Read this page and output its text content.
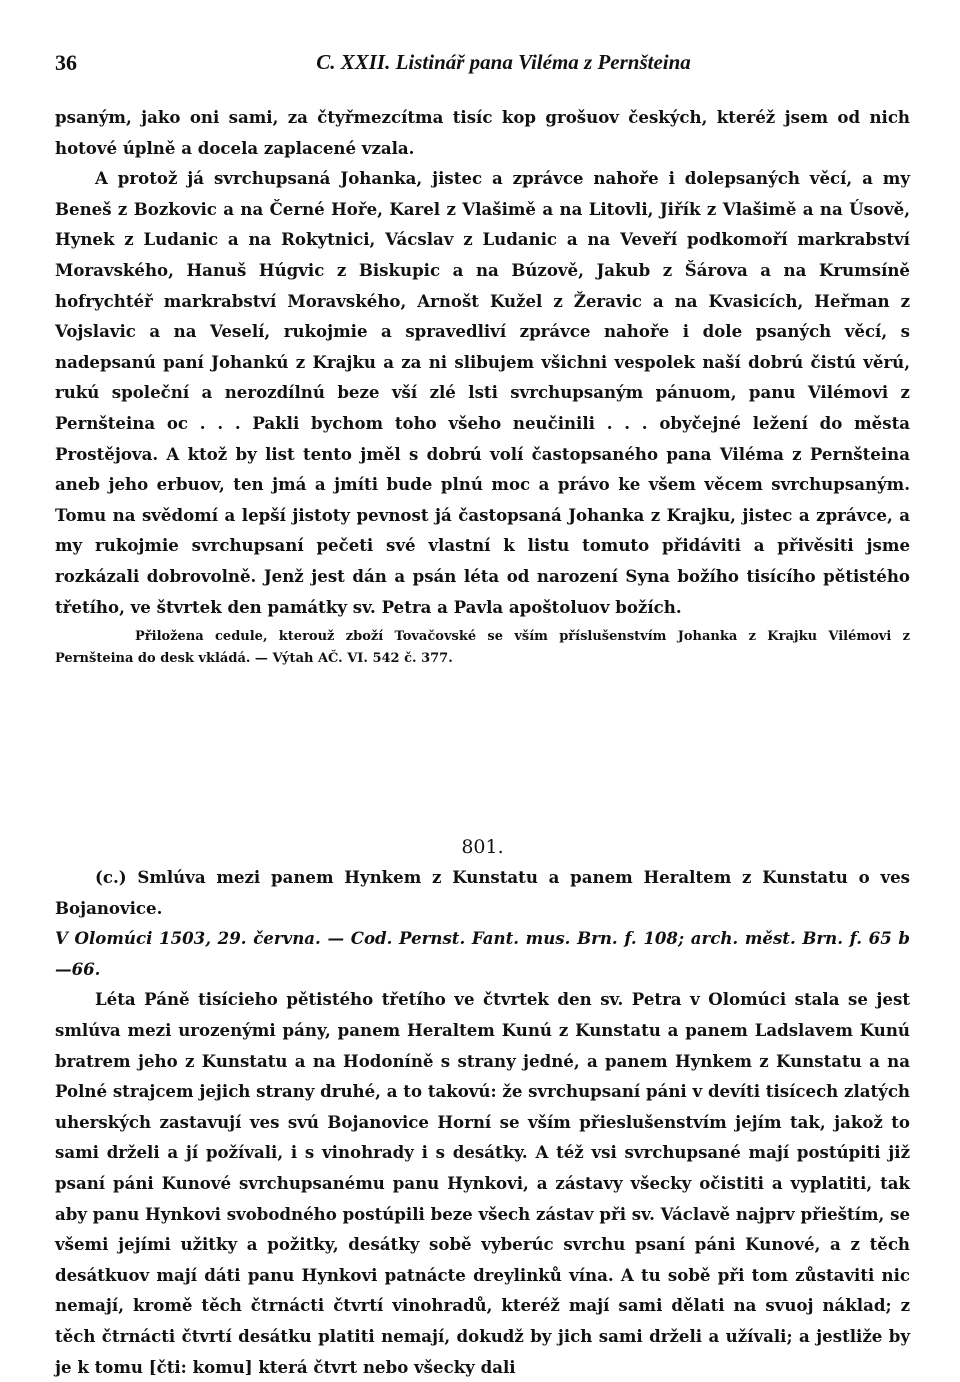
36	C. XXII. Listinář pana Viléma z Pernšteina

psaným, jako oni sami, za čtyřmezcítma tisíc kop grošuov českých, kteréž jsem od nich hotové úplně a docela zaplacené vzala.

A protož já svrchupsaná Johanka, jistec a zprávce nahoře i dolepsaných věcí, a my Beneš z Bozkovic a na Černé Hoře, Karel z Vlašimě a na Litovli, Jiřík z Vlašimě a na Úsově, Hynek z Ludanic a na Rokytnici, Vácslav z Ludanic a na Veveří podkomoří markrabství Moravského, Hanuš Húgvic z Biskupic a na Búzově, Jakub z Šárova a na Krumsíně hofrychtéř markrabství Moravského, Arnošt Kužel z Žeravic a na Kvasicích, Heřman z Vojslavic a na Veselí, rukojmie a spravedliví zprávce nahoře i dole psaných věcí, s nadepsanú paní Johankú z Krajku a za ni slibujem všichni vespolek naší dobrú čistú věrú, rukú společní a nerozdílnú beze vší zlé lsti svrchupsaným pánuom, panu Vilémovi z Pernšteina oc . . . Pakli bychom toho všeho neučinili . . . obyčejné ležení do města Prostějova. A ktož by list tento jměl s dobrú volí častopsaného pana Viléma z Pernšteina aneb jeho erbuov, ten jmá a jmíti bude plnú moc a právo ke všem věcem svrchupsaným. Tomu na svědomí a lepší jistoty pevnost já častopsaná Johanka z Krajku, jistec a zprávce, a my rukojmie svrchupsaní pečeti své vlastní k listu tomuto přidáviti a přivěsiti jsme rozkázali dobrovolně. Jenž jest dán a psán léta od narození Syna božího tisícího pětistého třetího, ve štvrtek den památky sv. Petra a Pavla apoštoluov božích.

Přiložena cedule, kterouž zboží Tovačovské se vším příslušenstvím Johanka z Krajku Vilémovi z Pernšteina do desk vkládá. — Výtah AČ. VI. 542 č. 377.

801.

(c.) Smlúva mezi panem Hynkem z Kunstatu a panem Heraltem z Kunstatu o ves Bojanovice.

V Olomúci 1503, 29. června. — Cod. Pernst. Fant. mus. Brn. f. 108; arch. měst. Brn. f. 65 b—66.

Léta Páně tisícieho pětistého třetího ve čtvrtek den sv. Petra v Olomúci stala se jest smlúva mezi urozenými pány, panem Heraltem Kunú z Kunstatu a panem Ladslavem Kunú bratrem jeho z Kunstatu a na Hodoníně s strany jedné, a panem Hynkem z Kunstatu a na Polné strajcem jejich strany druhé, a to takovú: že svrchupsaní páni v devíti tisícech zlatých uherských zastavují ves svú Bojanovice Horní se vším přieslušenstvím jejím tak, jakož to sami drželi a jí požívali, i s vinohrady i s desátky. A též vsi svrchupsané mají postúpiti již psaní páni Kunové svrchupsanému panu Hynkovi, a zástavy všecky očistiti a vyplatiti, tak aby panu Hynkovi svobodného postúpili beze všech zástav při sv. Václavě najprv přieštím, se všemi jejími užitky a požitky, desátky sobě vyberúc svrchu psaní páni Kunové, a z těch desátkuov mají dáti panu Hynkovi patnácte dreylinků vína. A tu sobě při tom zůstaviti nic nemají, kromě těch čtrnácti čtvrtí vinohradů, kteréž mají sami dělati na svuoj náklad; z těch čtrnácti čtvrtí desátku platiti nemají, dokudž by jich sami drželi a užívali; a jestliže by je k tomu [čti: komu] která čtvrt nebo všecky dali
